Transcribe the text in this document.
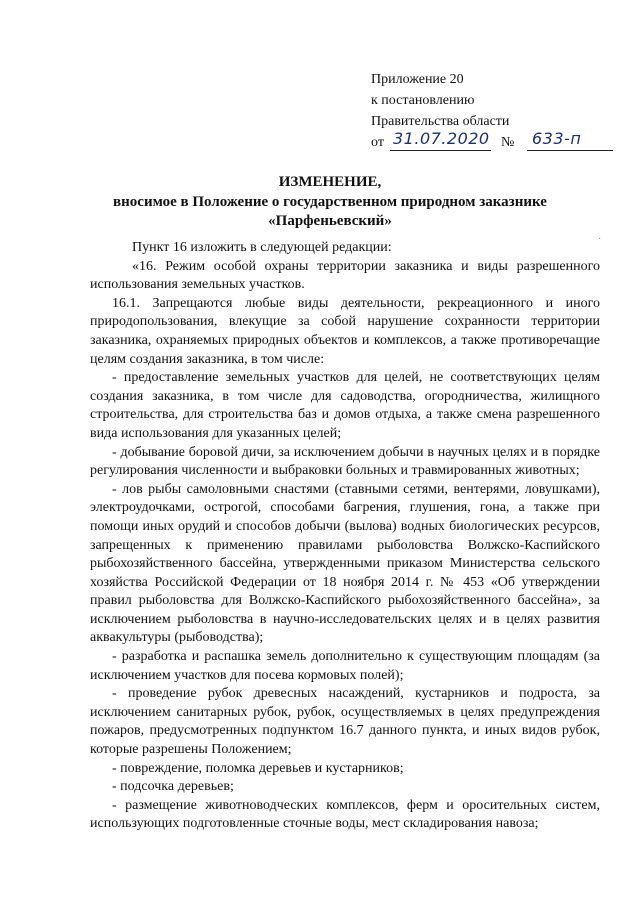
Приложение 20
к постановлению
Правительства области
от 31.07.2020 № 633-п
ИЗМЕНЕНИЕ,
вносимое в Положение о государственном природном заказнике
«Парфеньевский»
·

Пункт 16 изложить в следующей редакции:

«16. Режим особой охраны территории заказника и виды разрешенного использования земельных участков.

16.1. Запрещаются любые виды деятельности, рекреационного и иного природопользования, влекущие за собой нарушение сохранности территории заказника, охраняемых природных объектов и комплексов, а также противоречащие целям создания заказника, в том числе:

- предоставление земельных участков для целей, не соответствующих целям создания заказника, в том числе для садоводства, огородничества, жилищного строительства, для строительства баз и домов отдыха, а также смена разрешенного вида использования для указанных целей;

- добывание боровой дичи, за исключением добычи в научных целях и в порядке регулирования численности и выбраковки больных и травмированных животных;

- лов рыбы самоловными снастями (ставными сетями, вентерями, ловушками), электроудочками, острогой, способами багрения, глушения, гона, а также при помощи иных орудий и способов добычи (вылова) водных биологических ресурсов, запрещенных к применению правилами рыболовства Волжско-Каспийского рыбохозяйственного бассейна, утвержденными приказом Министерства сельского хозяйства Российской Федерации от 18 ноября 2014 г. № 453 «Об утверждении правил рыболовства для Волжско-Каспийского рыбохозяйственного бассейна», за исключением рыболовства в научно-исследовательских целях и в целях развития аквакультуры (рыбоводства);

- разработка и распашка земель дополнительно к существующим площадям (за исключением участков для посева кормовых полей);

- проведение рубок древесных насаждений, кустарников и подроста, за исключением санитарных рубок, рубок, осуществляемых в целях предупреждения пожаров, предусмотренных подпунктом 16.7 данного пункта, и иных видов рубок, которые разрешены Положением;

- повреждение, поломка деревьев и кустарников;

- подсочка деревьев;

- размещение животноводческих комплексов, ферм и оросительных систем, использующих подготовленные сточные воды, мест складирования навоза;
